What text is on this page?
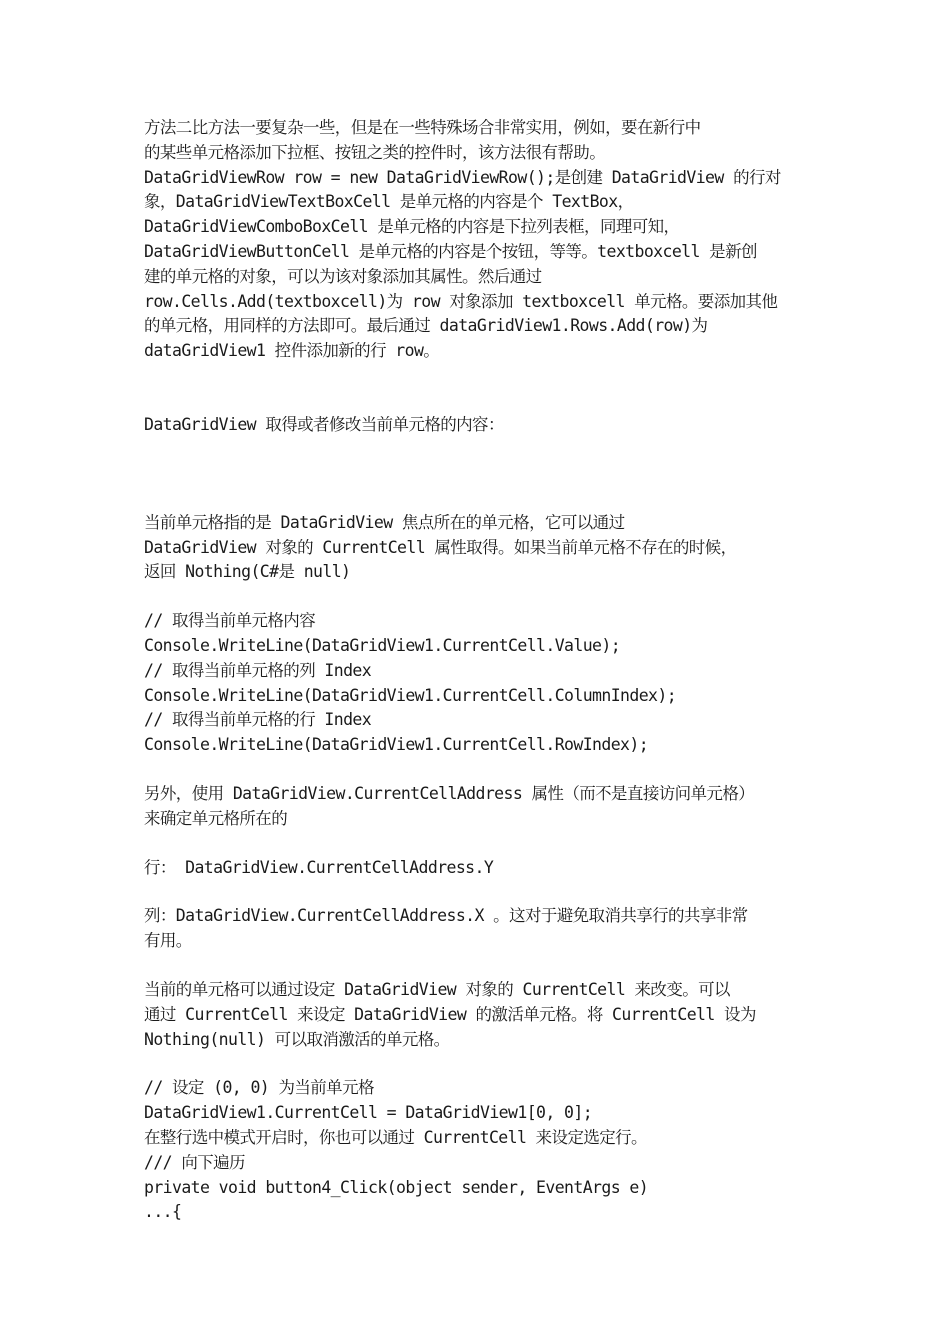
方法二比方法一要复杂一些，但是在一些特殊场合非常实用，例如，要在新行中
的某些单元格添加下拉框、按钮之类的控件时，该方法很有帮助。
DataGridViewRow row = new DataGridViewRow();是创建 DataGridView 的行对
象，DataGridViewTextBoxCell 是单元格的内容是个 TextBox，
DataGridViewComboBoxCell 是单元格的内容是下拉列表框，同理可知，
DataGridViewButtonCell 是单元格的内容是个按钮，等等。textboxcell 是新创
建的单元格的对象，可以为该对象添加其属性。然后通过
row.Cells.Add(textboxcell)为 row 对象添加 textboxcell 单元格。要添加其他
的单元格，用同样的方法即可。最后通过 dataGridView1.Rows.Add(row)为
dataGridView1 控件添加新的行 row。
DataGridView 取得或者修改当前单元格的内容：
当前单元格指的是 DataGridView 焦点所在的单元格，它可以通过
DataGridView 对象的 CurrentCell 属性取得。如果当前单元格不存在的时候，
返回 Nothing(C#是 null)
// 取得当前单元格内容
Console.WriteLine(DataGridView1.CurrentCell.Value);
// 取得当前单元格的列 Index
Console.WriteLine(DataGridView1.CurrentCell.ColumnIndex);
// 取得当前单元格的行 Index
Console.WriteLine(DataGridView1.CurrentCell.RowIndex);
另外，使用 DataGridView.CurrentCellAddress 属性（而不是直接访问单元格）
来确定单元格所在的
行： DataGridView.CurrentCellAddress.Y
列：DataGridView.CurrentCellAddress.X 。这对于避免取消共享行的共享非常
有用。
当前的单元格可以通过设定 DataGridView 对象的 CurrentCell 来改变。可以
通过 CurrentCell 来设定 DataGridView 的激活单元格。将 CurrentCell 设为
Nothing(null) 可以取消激活的单元格。
// 设定 (0, 0) 为当前单元格
DataGridView1.CurrentCell = DataGridView1[0, 0];
在整行选中模式开启时，你也可以通过 CurrentCell 来设定选定行。
/// 向下遍历
private void button4_Click(object sender, EventArgs e)
...{
